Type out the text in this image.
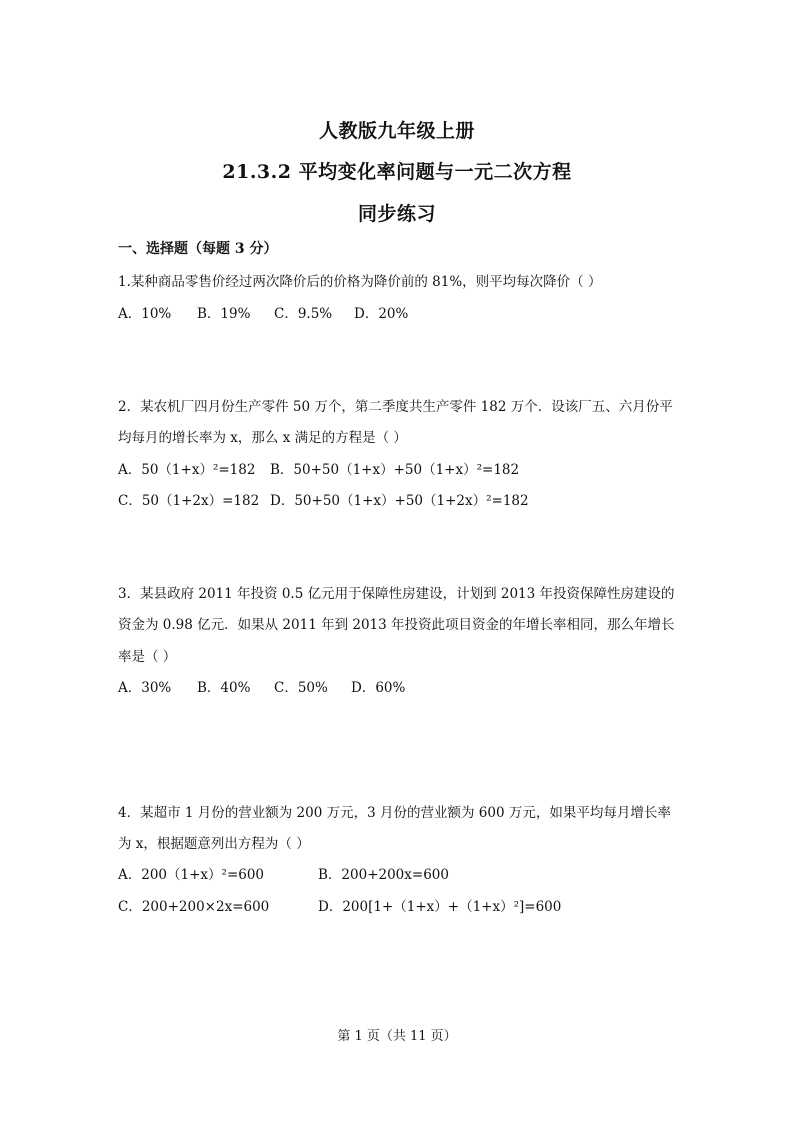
人教版九年级上册
21.3.2 平均变化率问题与一元二次方程
同步练习
一、选择题（每题 3 分）
1.某种商品零售价经过两次降价后的价格为降价前的 81%，则平均每次降价（ ）
A．10% B．19% C．9.5% D．20%
2．某农机厂四月份生产零件 50 万个，第二季度共生产零件 182 万个．设该厂五、六月份平
均每月的增长率为 x，那么 x 满足的方程是（ ）
A．50（1+x）²=182 B．50+50（1+x）+50（1+x）²=182
C．50（1+2x）=182 D．50+50（1+x）+50（1+2x）²=182
3．某县政府 2011 年投资 0.5 亿元用于保障性房建设，计划到 2013 年投资保障性房建设的
资金为 0.98 亿元．如果从 2011 年到 2013 年投资此项目资金的年增长率相同，那么年增长
率是（ ）
A．30% B．40% C．50% D．60%
4．某超市 1 月份的营业额为 200 万元，3 月份的营业额为 600 万元，如果平均每月增长率
为 x，根据题意列出方程为（ ）
A．200（1+x）²=600	B．200+200x=600
C．200+200×2x=600	D．200[1+（1+x）+（1+x）²]=600
第 1 页（共 11 页）
